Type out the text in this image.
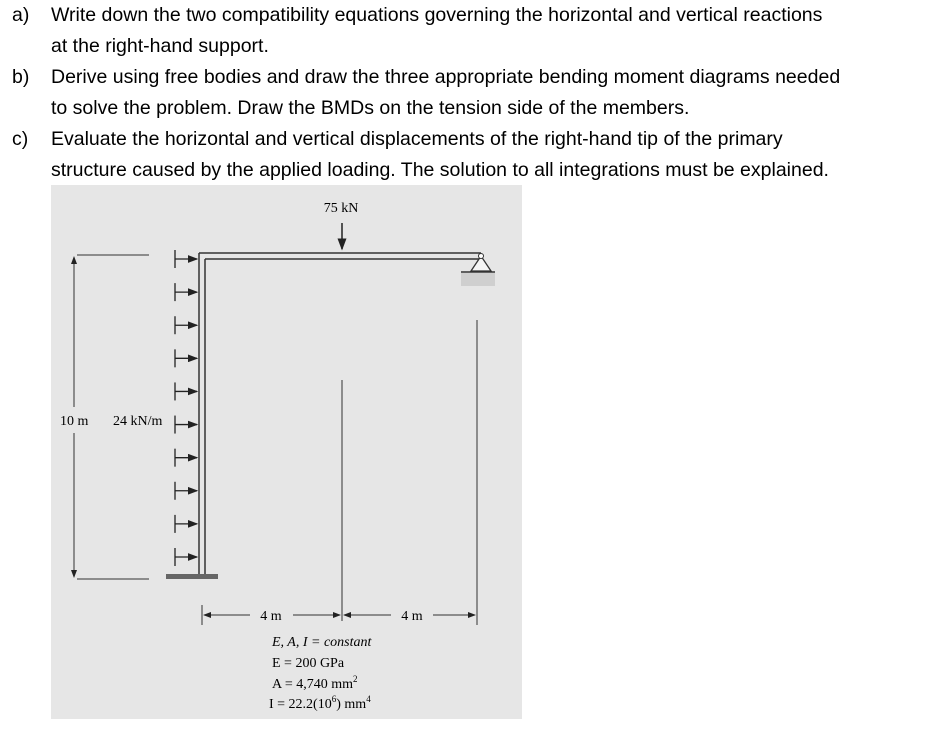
a) Write down the two compatibility equations governing the horizontal and vertical reactions
at the right-hand support.
b) Derive using free bodies and draw the three appropriate bending moment diagrams needed
to solve the problem. Draw the BMDs on the tension side of the members.
c) Evaluate the horizontal and vertical displacements of the right-hand tip of the primary
structure caused by the applied loading. The solution to all integrations must be explained.
75 kN
24 kN/m
10 m
4 m	4 m
E, A, I = constant
E = 200 GPa
A = 4,740 $mm^2$
$I = 22.2(10^6)$ $mm^4$
